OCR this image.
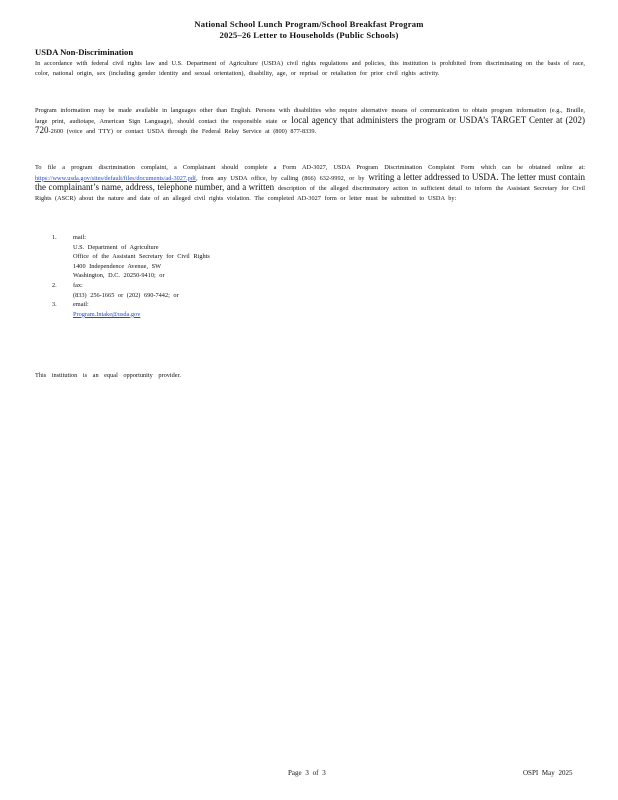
National School Lunch Program/School Breakfast Program
2025–26 Letter to Households (Public Schools)
USDA Non-Discrimination
In accordance with federal civil rights law and U.S. Department of Agriculture (USDA) civil rights regulations and policies, this institution is prohibited from discriminating on the basis of race, color, national origin, sex (including gender identity and sexual orientation), disability, age, or reprisal or retaliation for prior civil rights activity.
Program information may be made available in languages other than English. Persons with disabilities who require alternative means of communication to obtain program information (e.g., Braille, large print, audiotape, American Sign Language), should contact the responsible state or local agency that administers the program or USDA’s TARGET Center at (202) 720-2600 (voice and TTY) or contact USDA through the Federal Relay Service at (800) 877-8339.
To file a program discrimination complaint, a Complainant should complete a Form AD-3027, USDA Program Discrimination Complaint Form which can be obtained online at: https://www.usda.gov/sites/default/files/documents/ad-3027.pdf, from any USDA office, by calling (866) 632-9992, or by writing a letter addressed to USDA. The letter must contain the complainant’s name, address, telephone number, and a written description of the alleged discriminatory action in sufficient detail to inform the Assistant Secretary for Civil Rights (ASCR) about the nature and date of an alleged civil rights violation. The completed AD-3027 form or letter must be submitted to USDA by:
1.	mail:
U.S. Department of Agriculture
Office of the Assistant Secretary for Civil Rights
1400 Independence Avenue, SW
Washington, D.C. 20250-9410; or
2.	fax:
(833) 256-1665 or (202) 690-7442; or
3.	email:
Program.Intake@usda.gov
This institution is an equal opportunity provider.
Page 3 of 3	OSPI May 2025
